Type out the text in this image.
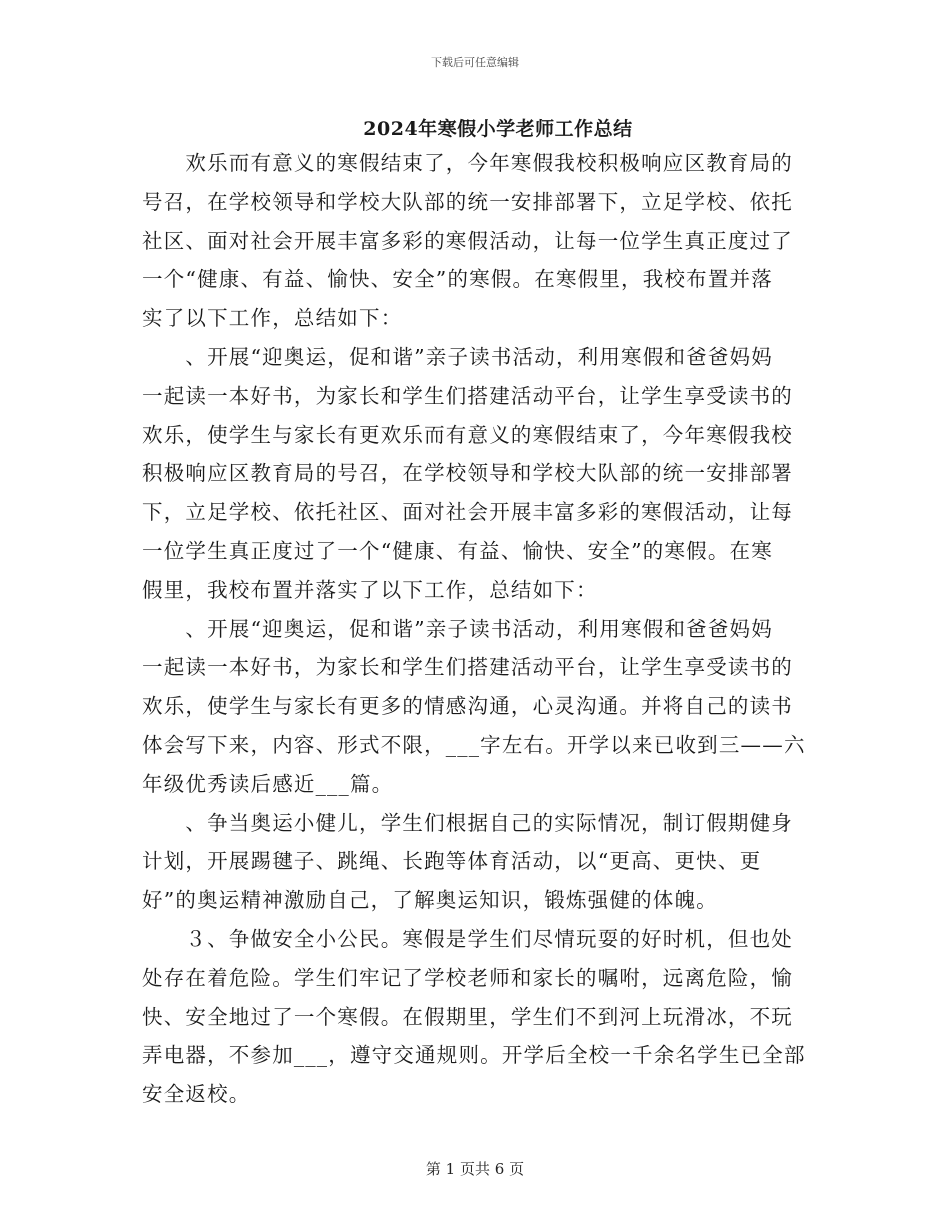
下载后可任意编辑
2024年寒假小学老师工作总结
　　欢乐而有意义的寒假结束了，今年寒假我校积极响应区教育局的
号召，在学校领导和学校大队部的统一安排部署下，立足学校、依托
社区、面对社会开展丰富多彩的寒假活动，让每一位学生真正度过了
一个“健康、有益、愉快、安全”的寒假。在寒假里，我校布置并落
实了以下工作，总结如下：
　　、开展“迎奥运，促和谐”亲子读书活动，利用寒假和爸爸妈妈
一起读一本好书，为家长和学生们搭建活动平台，让学生享受读书的
欢乐，使学生与家长有更欢乐而有意义的寒假结束了，今年寒假我校
积极响应区教育局的号召，在学校领导和学校大队部的统一安排部署
下，立足学校、依托社区、面对社会开展丰富多彩的寒假活动，让每
一位学生真正度过了一个“健康、有益、愉快、安全”的寒假。在寒
假里，我校布置并落实了以下工作，总结如下：
　　、开展“迎奥运，促和谐”亲子读书活动，利用寒假和爸爸妈妈
一起读一本好书，为家长和学生们搭建活动平台，让学生享受读书的
欢乐，使学生与家长有更多的情感沟通，心灵沟通。并将自己的读书
体会写下来，内容、形式不限，___字左右。开学以来已收到三——六
年级优秀读后感近___篇。
　　、争当奥运小健儿，学生们根据自己的实际情况，制订假期健身
计划，开展踢毽子、跳绳、长跑等体育活动，以“更高、更快、更
好”的奥运精神激励自己，了解奥运知识，锻炼强健的体魄。
　　３、争做安全小公民。寒假是学生们尽情玩耍的好时机，但也处
处存在着危险。学生们牢记了学校老师和家长的嘱咐，远离危险，愉
快、安全地过了一个寒假。在假期里，学生们不到河上玩滑冰，不玩
弄电器，不参加___，遵守交通规则。开学后全校一千余名学生已全部
安全返校。
第 1 页共 6 页
